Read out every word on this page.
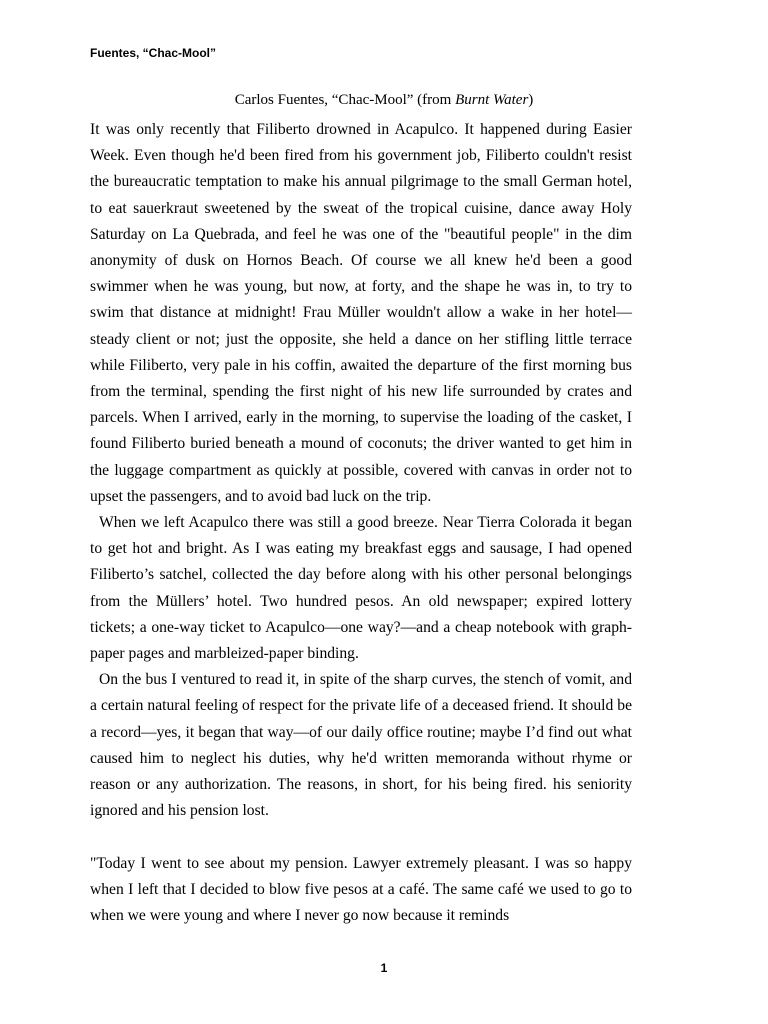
Fuentes, “Chac-Mool”
Carlos Fuentes, “Chac-Mool” (from Burnt Water)

It was only recently that Filiberto drowned in Acapulco. It happened during Easier Week. Even though he'd been fired from his government job, Filiberto couldn't resist the bureaucratic temptation to make his annual pilgrimage to the small German hotel, to eat sauerkraut sweetened by the sweat of the tropical cuisine, dance away Holy Saturday on La Quebrada, and feel he was one of the "beautiful people" in the dim anonymity of dusk on Hornos Beach. Of course we all knew he'd been a good swimmer when he was young, but now, at forty, and the shape he was in, to try to swim that distance at midnight! Frau Müller wouldn't allow a wake in her hotel—steady client or not; just the opposite, she held a dance on her stifling little terrace while Filiberto, very pale in his coffin, awaited the departure of the first morning bus from the terminal, spending the first night of his new life surrounded by crates and parcels. When I arrived, early in the morning, to supervise the loading of the casket, I found Filiberto buried beneath a mound of coconuts; the driver wanted to get him in the luggage compartment as quickly at possible, covered with canvas in order not to upset the passengers, and to avoid bad luck on the trip.

When we left Acapulco there was still a good breeze. Near Tierra Colorada it began to get hot and bright. As I was eating my breakfast eggs and sausage, I had opened Filiberto’s satchel, collected the day before along with his other personal belongings from the Müllers’ hotel. Two hundred pesos. An old newspaper; expired lottery tickets; a one-way ticket to Acapulco—one way?—and a cheap notebook with graph-paper pages and marbleized-paper binding.

On the bus I ventured to read it, in spite of the sharp curves, the stench of vomit, and a certain natural feeling of respect for the private life of a deceased friend. It should be a record—yes, it began that way—of our daily office routine; maybe I’d find out what caused him to neglect his duties, why he'd written memoranda without rhyme or reason or any authorization. The reasons, in short, for his being fired. his seniority ignored and his pension lost.

"Today I went to see about my pension. Lawyer extremely pleasant. I was so happy when I left that I decided to blow five pesos at a café. The same café we used to go to when we were young and where I never go now because it reminds

1
